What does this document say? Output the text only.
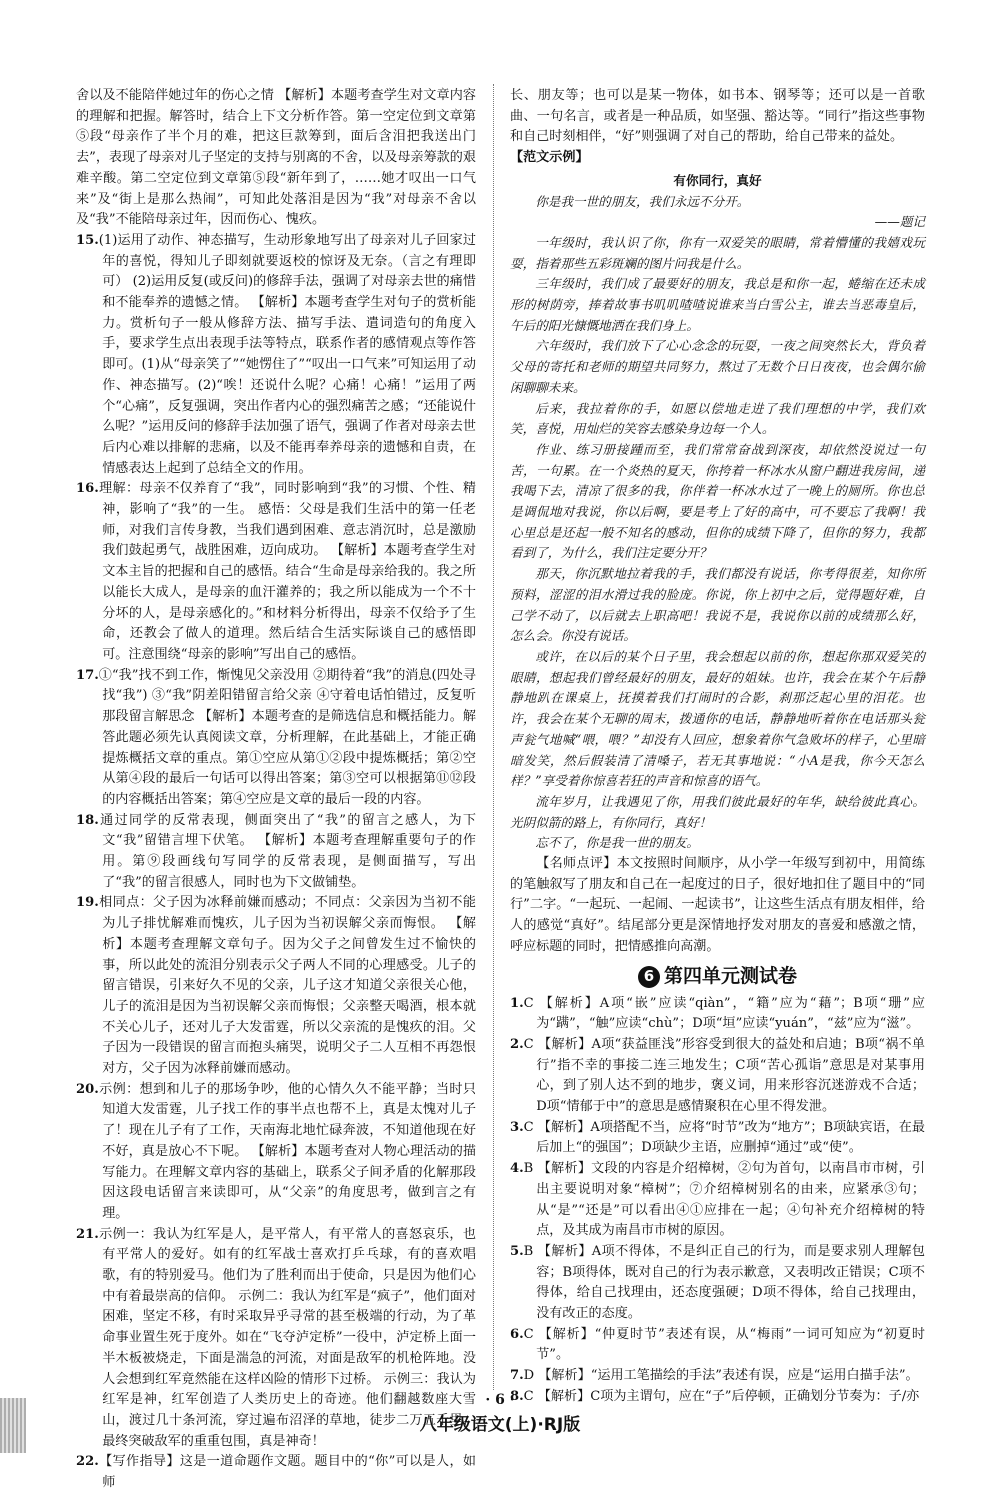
舍以及不能陪伴她过年的伤心之情 【解析】本题考查学生对文章内容的理解和把握。解答时，结合上下文分析作答。第一空定位到文章第⑤段“母亲作了半个月的难，把这巨款筹到，面后含泪把我送出门去”，表现了母亲对儿子坚定的支持与别离的不舍，以及母亲筹款的艰难辛酸。第二空定位到文章第⑤段“新年到了，……她才叹出一口气来”及“街上是那么热闹”，可知此处落泪是因为“我”对母亲不舍以及“我”不能陪母亲过年，因而伤心、愧疚。

15.(1)运用了动作、神态描写，生动形象地写出了母亲对儿子回家过年的喜悦，得知儿子即刻就要返校的惊讶及无奈。（言之有理即可） (2)运用反复(或反问)的修辞手法，强调了对母亲去世的痛惜和不能奉养的遗憾之情。 【解析】本题考查学生对句子的赏析能力。赏析句子一般从修辞方法、描写手法、遣词造句的角度入手，要求学生点出表现手法等特点，联系作者的感情观点等作答即可。(1)从“母亲笑了”“她愣住了”“叹出一口气来”可知运用了动作、神态描写。(2)“唉！还说什么呢？心痛！心痛！”运用了两个“心痛”，反复强调，突出作者内心的强烈痛苦之感；“还能说什么呢？”运用反问的修辞手法加强了语气，强调了作者对母亲去世后内心难以排解的悲痛，以及不能再奉养母亲的遗憾和自责，在情感表达上起到了总结全文的作用。

16.理解：母亲不仅养育了“我”，同时影响到“我”的习惯、个性、精神，影响了“我”的一生。 感悟：父母是我们生活中的第一任老师，对我们言传身教，当我们遇到困难、意志消沉时，总是激励我们鼓起勇气，战胜困难，迈向成功。 【解析】本题考查学生对文本主旨的把握和自己的感悟。结合“生命是母亲给我的。我之所以能长大成人，是母亲的血汗灌养的；我之所以能成为一个不十分坏的人，是母亲感化的。”和材料分析得出，母亲不仅给予了生命，还教会了做人的道理。然后结合生活实际谈自己的感悟即可。注意围绕“母亲的影响”写出自己的感悟。

17.①“我”找不到工作，惭愧见父亲没用 ②期待着“我”的消息(四处寻找“我”) ③“我”阴差阳错留言给父亲 ④守着电话怕错过，反复听那段留言解思念 【解析】本题考查的是筛选信息和概括能力。解答此题必须先认真阅读文章，分析理解，在此基础上，才能正确提炼概括文章的重点。第①空应从第①②段中提炼概括；第②空从第④段的最后一句话可以得出答案；第③空可以根据第⑪⑫段的内容概括出答案；第④空应是文章的最后一段的内容。

18.通过同学的反常表现，侧面突出了“我”的留言之感人，为下文“我”留错言埋下伏笔。 【解析】本题考查理解重要句子的作用。第⑨段画线句写同学的反常表现，是侧面描写，写出了“我”的留言很感人，同时也为下文做铺垫。

19.相同点：父子因为冰释前嫌而感动；不同点：父亲因为当初不能为儿子排忧解难而愧疚，儿子因为当初误解父亲而悔恨。 【解析】本题考查理解文章句子。因为父子之间曾发生过不愉快的事，所以此处的流泪分别表示父子两人不同的心理感受。儿子的留言错误，引来好久不见的父亲，儿子这才知道父亲很关心他，儿子的流泪是因为当初误解父亲而悔恨；父亲整天喝酒，根本就不关心儿子，还对儿子大发雷霆，所以父亲流的是愧疚的泪。父子因为一段错误的留言而抱头痛哭，说明父子二人互相不再怨恨对方，父子因为冰释前嫌而感动。

20.示例：想到和儿子的那场争吵，他的心情久久不能平静；当时只知道大发雷霆，儿子找工作的事半点也帮不上，真是太愧对儿子了！现在儿子有了工作，天南海北地忙碌奔波，不知道他现在好不好，真是放心不下呢。 【解析】本题考查对人物心理活动的描写能力。在理解文章内容的基础上，联系父子间矛盾的化解那段因这段电话留言来读即可，从“父亲”的角度思考，做到言之有理。

21.示例一：我认为红军是人，是平常人，有平常人的喜怒哀乐，也有平常人的爱好。如有的红军战士喜欢打乒乓球，有的喜欢唱歌，有的特别爱马。他们为了胜利而出于使命，只是因为他们心中有着最崇高的信仰。 示例二：我认为红军是“疯子”，他们面对困难，坚定不移，有时采取异乎寻常的甚至极端的行动，为了革命事业置生死于度外。如在“飞夺泸定桥”一役中，泸定桥上面一半木板被烧走，下面是湍急的河流，对面是敌军的机枪阵地。没人会想到红军竟然能在这样凶险的情形下过桥。 示例三：我认为红军是神，红军创造了人类历史上的奇迹。他们翻越数座大雪山，渡过几十条河流，穿过遍布沼泽的草地，徒步二万五千里，最终突破敌军的重重包围，真是神奇！

22.【写作指导】这是一道命题作文题。题目中的“你”可以是人，如师

长、朋友等；也可以是某一物体，如书本、钢琴等；还可以是一首歌曲、一句名言，或者是一种品质，如坚强、豁达等。“同行”指这些事物和自己时刻相伴，“好”则强调了对自己的帮助，给自己带来的益处。

【范文示例】

有你同行，真好

你是我一世的朋友，我们永远不分开。

——题记

一年级时，我认识了你，你有一双爱笑的眼睛，常着懵懂的我嬉戏玩耍，指着那些五彩斑斓的图片问我是什么。

三年级时，我们成了最要好的朋友，我总是和你一起，蜷缩在还未成形的树荫旁，捧着故事书叽叽喳喳说谁来当白雪公主，谁去当恶毒皇后，午后的阳光慷慨地洒在我们身上。

六年级时，我们放下了心心念念的玩耍，一夜之间突然长大，背负着父母的寄托和老师的期望共同努力，熬过了无数个日日夜夜，也会偶尔偷闲聊聊未来。

后来，我拉着你的手，如愿以偿地走进了我们理想的中学，我们欢笑，喜悦，用灿烂的笑容去感染身边每一个人。

作业、练习册接踵而至，我们常常奋战到深夜，却依然没说过一句苦，一句累。在一个炎热的夏天，你挎着一杯冰水从窗户翻进我房间，递我喝下去，清凉了很多的我，你伴着一杯冰水过了一晚上的厕所。你也总是调侃地对我说，你以后啊，要是考上了好的高中，可不要忘了我啊！我心里总是还起一般不知名的感动，但你的成绩下降了，但你的努力，我都看到了，为什么，我们注定要分开？

那天，你沉默地拉着我的手，我们都没有说话，你考得很差，知你所预料，涩涩的泪水滑过我的脸庞。你说，你上初中之后，觉得题好难，自己学不动了，以后就去上职高吧！我说不是，我说你以前的成绩那么好，怎么会。你没有说话。

或许，在以后的某个日子里，我会想起以前的你，想起你那双爱笑的眼睛，想起我们曾经最好的朋友，最好的姐妹。也许，我会在某个午后静静地趴在课桌上，抚摸着我们打闹时的合影，刹那泛起心里的泪花。也许，我会在某个无聊的周末，拨通你的电话，静静地听着你在电话那头瓮声瓮气地喊“喂，喂？”却没有人回应，想象着你气急败坏的样子，心里暗暗发笑，然后假装清了清嗓子，若无其事地说：“小A是我，你今天怎么样？”享受着你惊喜若狂的声音和惊喜的语气。

流年岁月，让我遇见了你，用我们彼此最好的年华，缺给彼此真心。光阴似箭的路上，有你同行，真好！

忘不了，你是我一世的朋友。

【名师点评】本文按照时间顺序，从小学一年级写到初中，用简练的笔触叙写了朋友和自己在一起度过的日子，很好地扣住了题目中的“同行”二字。“一起玩、一起闹、一起读书”，让这些生活点有朋友相伴，给人的感觉“真好”。结尾部分更是深情地抒发对朋友的喜爱和感激之情，呼应标题的同时，把情感推向高潮。

6 第四单元测试卷

1.C 【解析】A项“嵌”应读“qiàn”，“籍”应为“藉”；B项“珊”应为“蹒”，“触”应读“chù”；D项“垣”应读“yuán”，“兹”应为“滋”。

2.C 【解析】A项“获益匪浅”形容受到很大的益处和启迪；B项“祸不单行”指不幸的事接二连三地发生；C项“苦心孤诣”意思是对某事用心，到了别人达不到的地步，褒义词，用来形容沉迷游戏不合适；D项“情郁于中”的意思是感情聚积在心里不得发泄。

3.C 【解析】A项搭配不当，应将“时节”改为“地方”；B项缺宾语，在最后加上“的强国”；D项缺少主语，应删掉“通过”或“使”。

4.B 【解析】文段的内容是介绍樟树，②句为首句，以南昌市市树，引出主要说明对象“樟树”；⑦介绍樟树别名的由来，应紧承③句；从“是”“还是”可以看出④①应排在一起；④句补充介绍樟树的特点，及其成为南昌市市树的原因。

5.B 【解析】A项不得体，不是纠正自己的行为，而是要求别人理解包容；B项得体，既对自己的行为表示歉意，又表明改正错误；C项不得体，给自己找理由，还态度强硬；D项不得体，给自己找理由，没有改正的态度。

6.C 【解析】“仲夏时节”表述有误，从“梅雨”一词可知应为“初夏时节”。

7.D 【解析】“运用工笔描绘的手法”表述有误，应是“运用白描手法”。

8.C 【解析】C项为主谓句，应在“子”后停顿，正确划分节奏为：子/亦

· 6 ·
八年级语文(上)·RJ版
